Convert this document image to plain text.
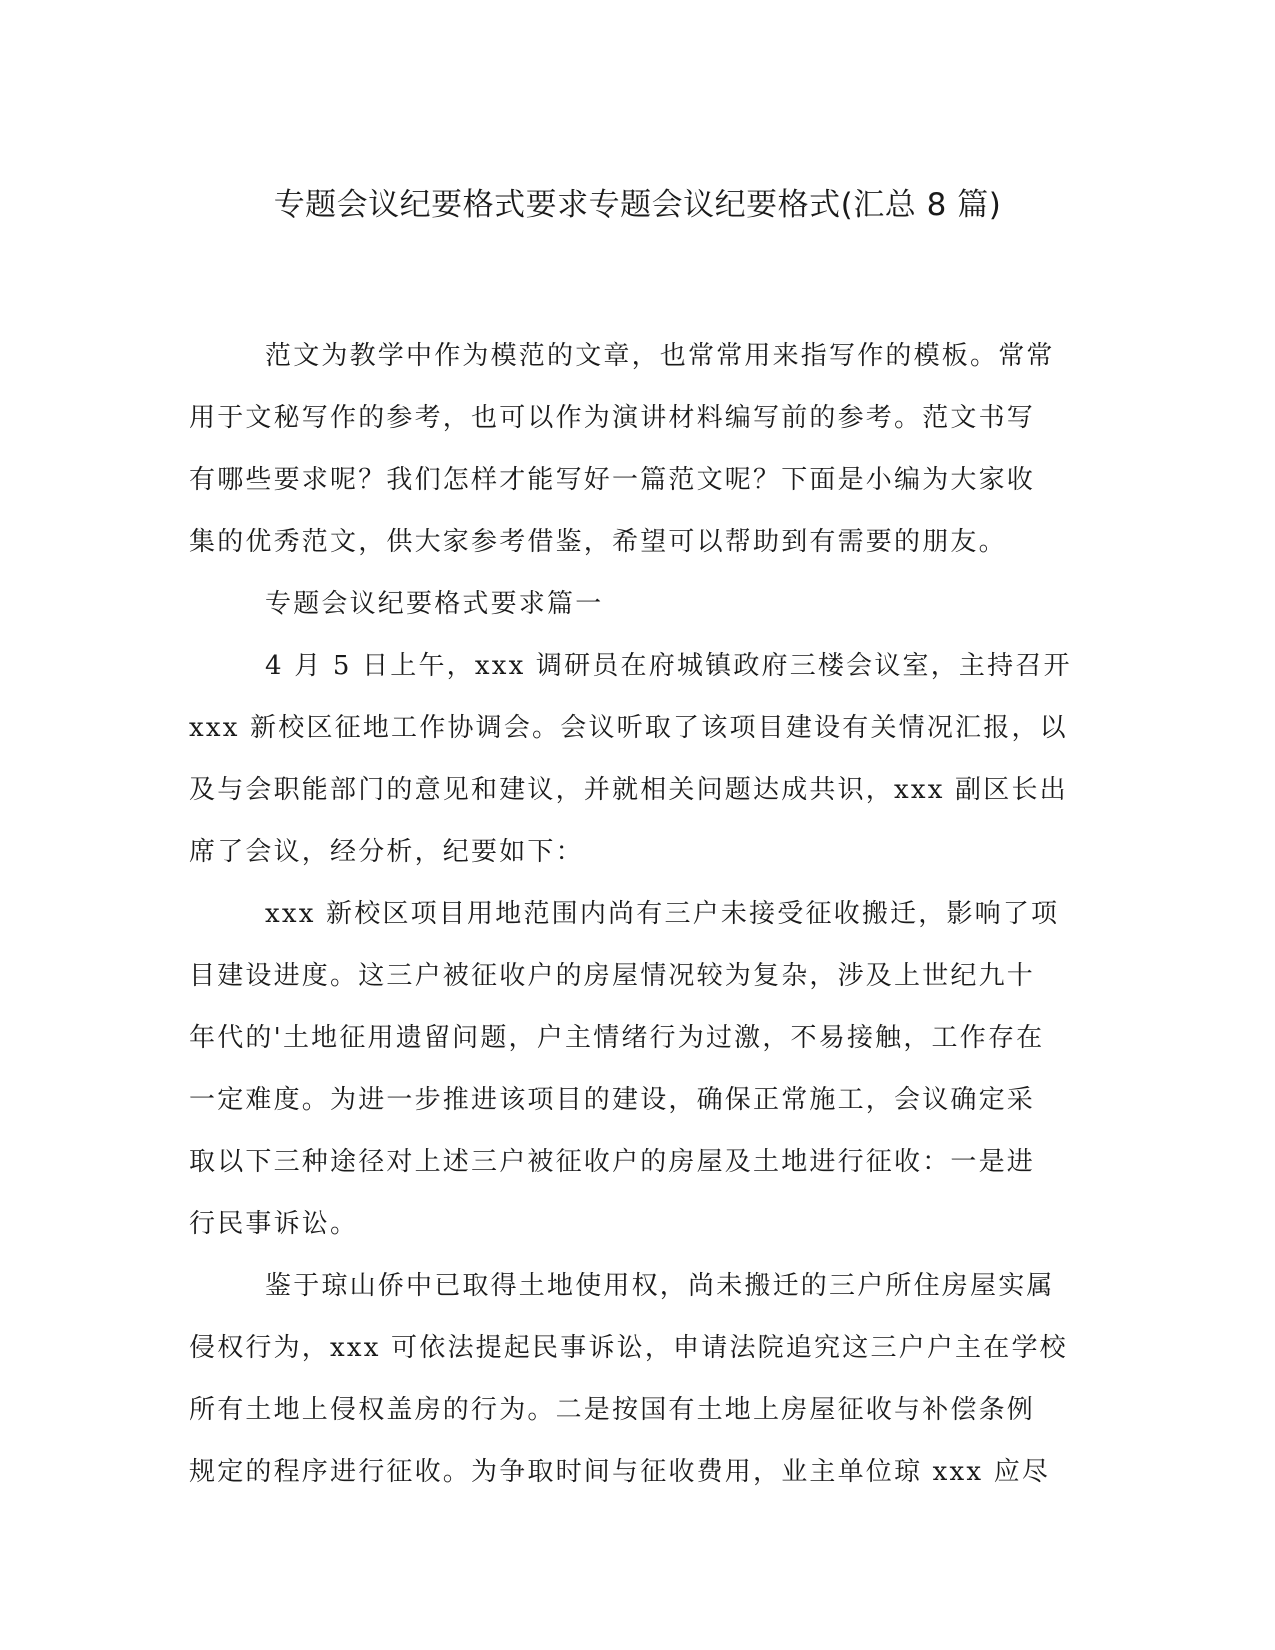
专题会议纪要格式要求专题会议纪要格式(汇总 8 篇)

范文为教学中作为模范的文章，也常常用来指写作的模板。常常
用于文秘写作的参考，也可以作为演讲材料编写前的参考。范文书写
有哪些要求呢？我们怎样才能写好一篇范文呢？下面是小编为大家收
集的优秀范文，供大家参考借鉴，希望可以帮助到有需要的朋友。

专题会议纪要格式要求篇一

4 月 5 日上午，xxx 调研员在府城镇政府三楼会议室，主持召开
xxx 新校区征地工作协调会。会议听取了该项目建设有关情况汇报，以
及与会职能部门的意见和建议，并就相关问题达成共识，xxx 副区长出
席了会议，经分析，纪要如下：

xxx 新校区项目用地范围内尚有三户未接受征收搬迁，影响了项
目建设进度。这三户被征收户的房屋情况较为复杂，涉及上世纪九十
年代的'土地征用遗留问题，户主情绪行为过激，不易接触，工作存在
一定难度。为进一步推进该项目的建设，确保正常施工，会议确定采
取以下三种途径对上述三户被征收户的房屋及土地进行征收：一是进
行民事诉讼。

鉴于琼山侨中已取得土地使用权，尚未搬迁的三户所住房屋实属
侵权行为，xxx 可依法提起民事诉讼，申请法院追究这三户户主在学校
所有土地上侵权盖房的行为。二是按国有土地上房屋征收与补偿条例
规定的程序进行征收。为争取时间与征收费用，业主单位琼 xxx 应尽
